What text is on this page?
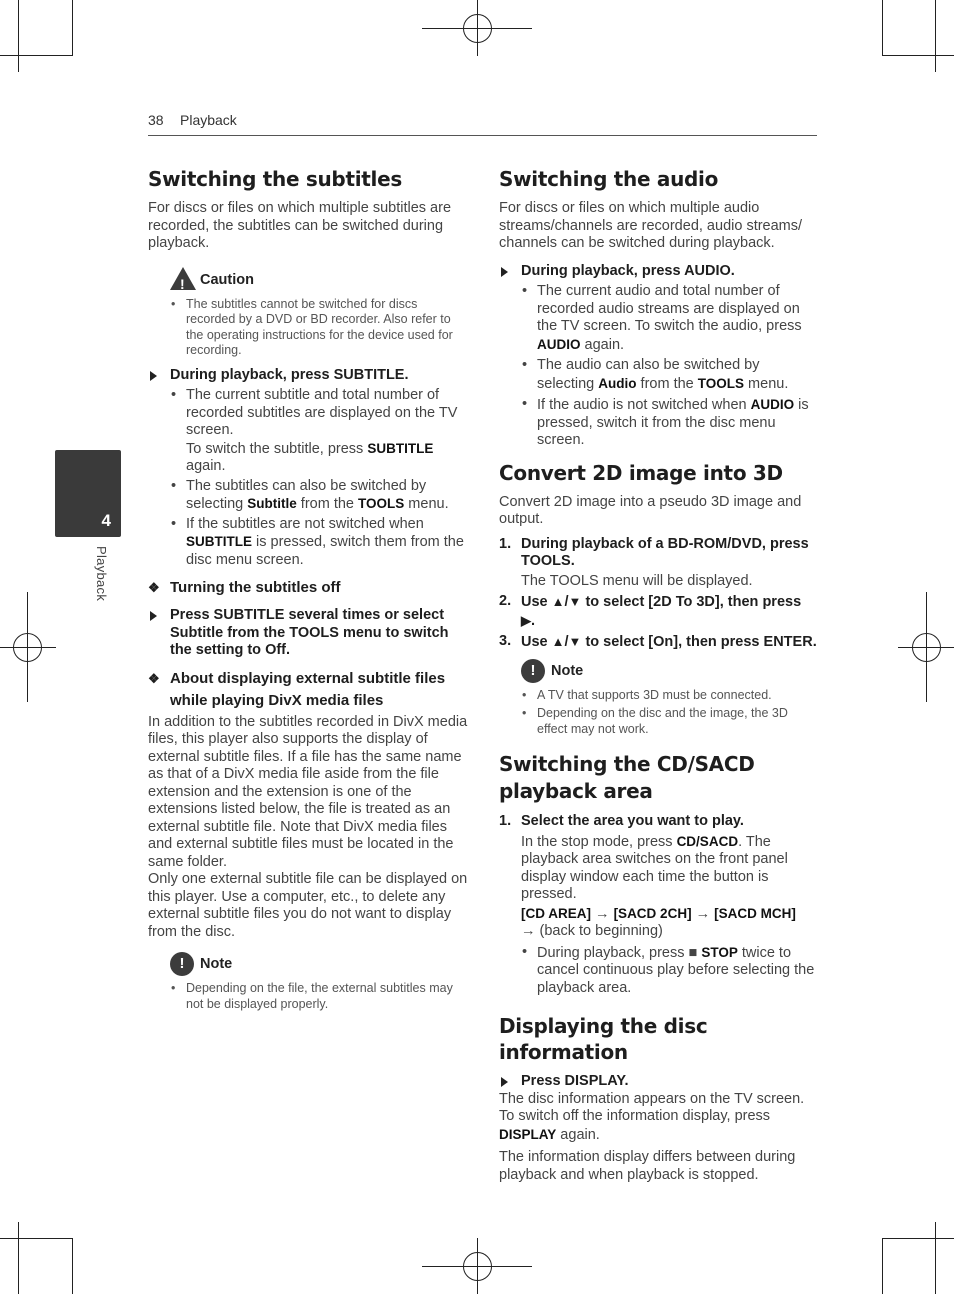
38 Playback
4
Playback
Switching the subtitles

For discs or files on which multiple subtitles are recorded, the subtitles can be switched during playback.

! Caution
• The subtitles cannot be switched for discs recorded by a DVD or BD recorder. Also refer to the operating instructions for the device used for recording.
During playback, press SUBTITLE.
• The current subtitle and total number of recorded subtitles are displayed on the TV screen.
To switch the subtitle, press SUBTITLE again.
• The subtitles can also be switched by selecting Subtitle from the TOOLS menu.
• If the subtitles are not switched when SUBTITLE is pressed, switch them from the disc menu screen.
❖ Turning the subtitles off
Press SUBTITLE several times or select Subtitle from the TOOLS menu to switch the setting to Off.
❖ About displaying external subtitle files while playing DivX media files

In addition to the subtitles recorded in DivX media files, this player also supports the display of external subtitle files. If a file has the same name as that of a DivX media file aside from the file extension and the extension is one of the extensions listed below, the file is treated as an external subtitle file. Note that DivX media files and external subtitle files must be located in the same folder.

Only one external subtitle file can be displayed on this player. Use a computer, etc., to delete any external subtitle files you do not want to display from the disc.

!	Note
• Depending on the file, the external subtitles may not be displayed properly.
Switching the audio

For discs or files on which multiple audio streams/channels are recorded, audio streams/ channels can be switched during playback.

During playback, press AUDIO.
• The current audio and total number of recorded audio streams are displayed on the TV screen. To switch the audio, press AUDIO again.
• The audio can also be switched by selecting Audio from the TOOLS menu.
• If the audio is not switched when AUDIO is pressed, switch it from the disc menu screen.
Convert 2D image into 3D

Convert 2D image into a pseudo 3D image and output.

1. During playback of a BD-ROM/DVD, press TOOLS.

The TOOLS menu will be displayed.

2. Use ▲/▼ to select [2D To 3D], then press ▶.
3. Use ▲/▼ to select [On], then press ENTER.
!	Note
• A TV that supports 3D must be connected.
• Depending on the disc and the image, the 3D effect may not work.
Switching the CD/SACD
playback area
1. Select the area you want to play.

In the stop mode, press CD/SACD. The playback area switches on the front panel display window each time the button is pressed.

[CD AREA] → [SACD 2CH] → [SACD MCH]
→ (back to beginning)

• During playback, press ■ STOP twice to cancel continuous play before selecting the playback area.
Displaying the disc information
Press DISPLAY.

The disc information appears on the TV screen. To switch off the information display, press DISPLAY again.

The information display differs between during playback and when playback is stopped.
